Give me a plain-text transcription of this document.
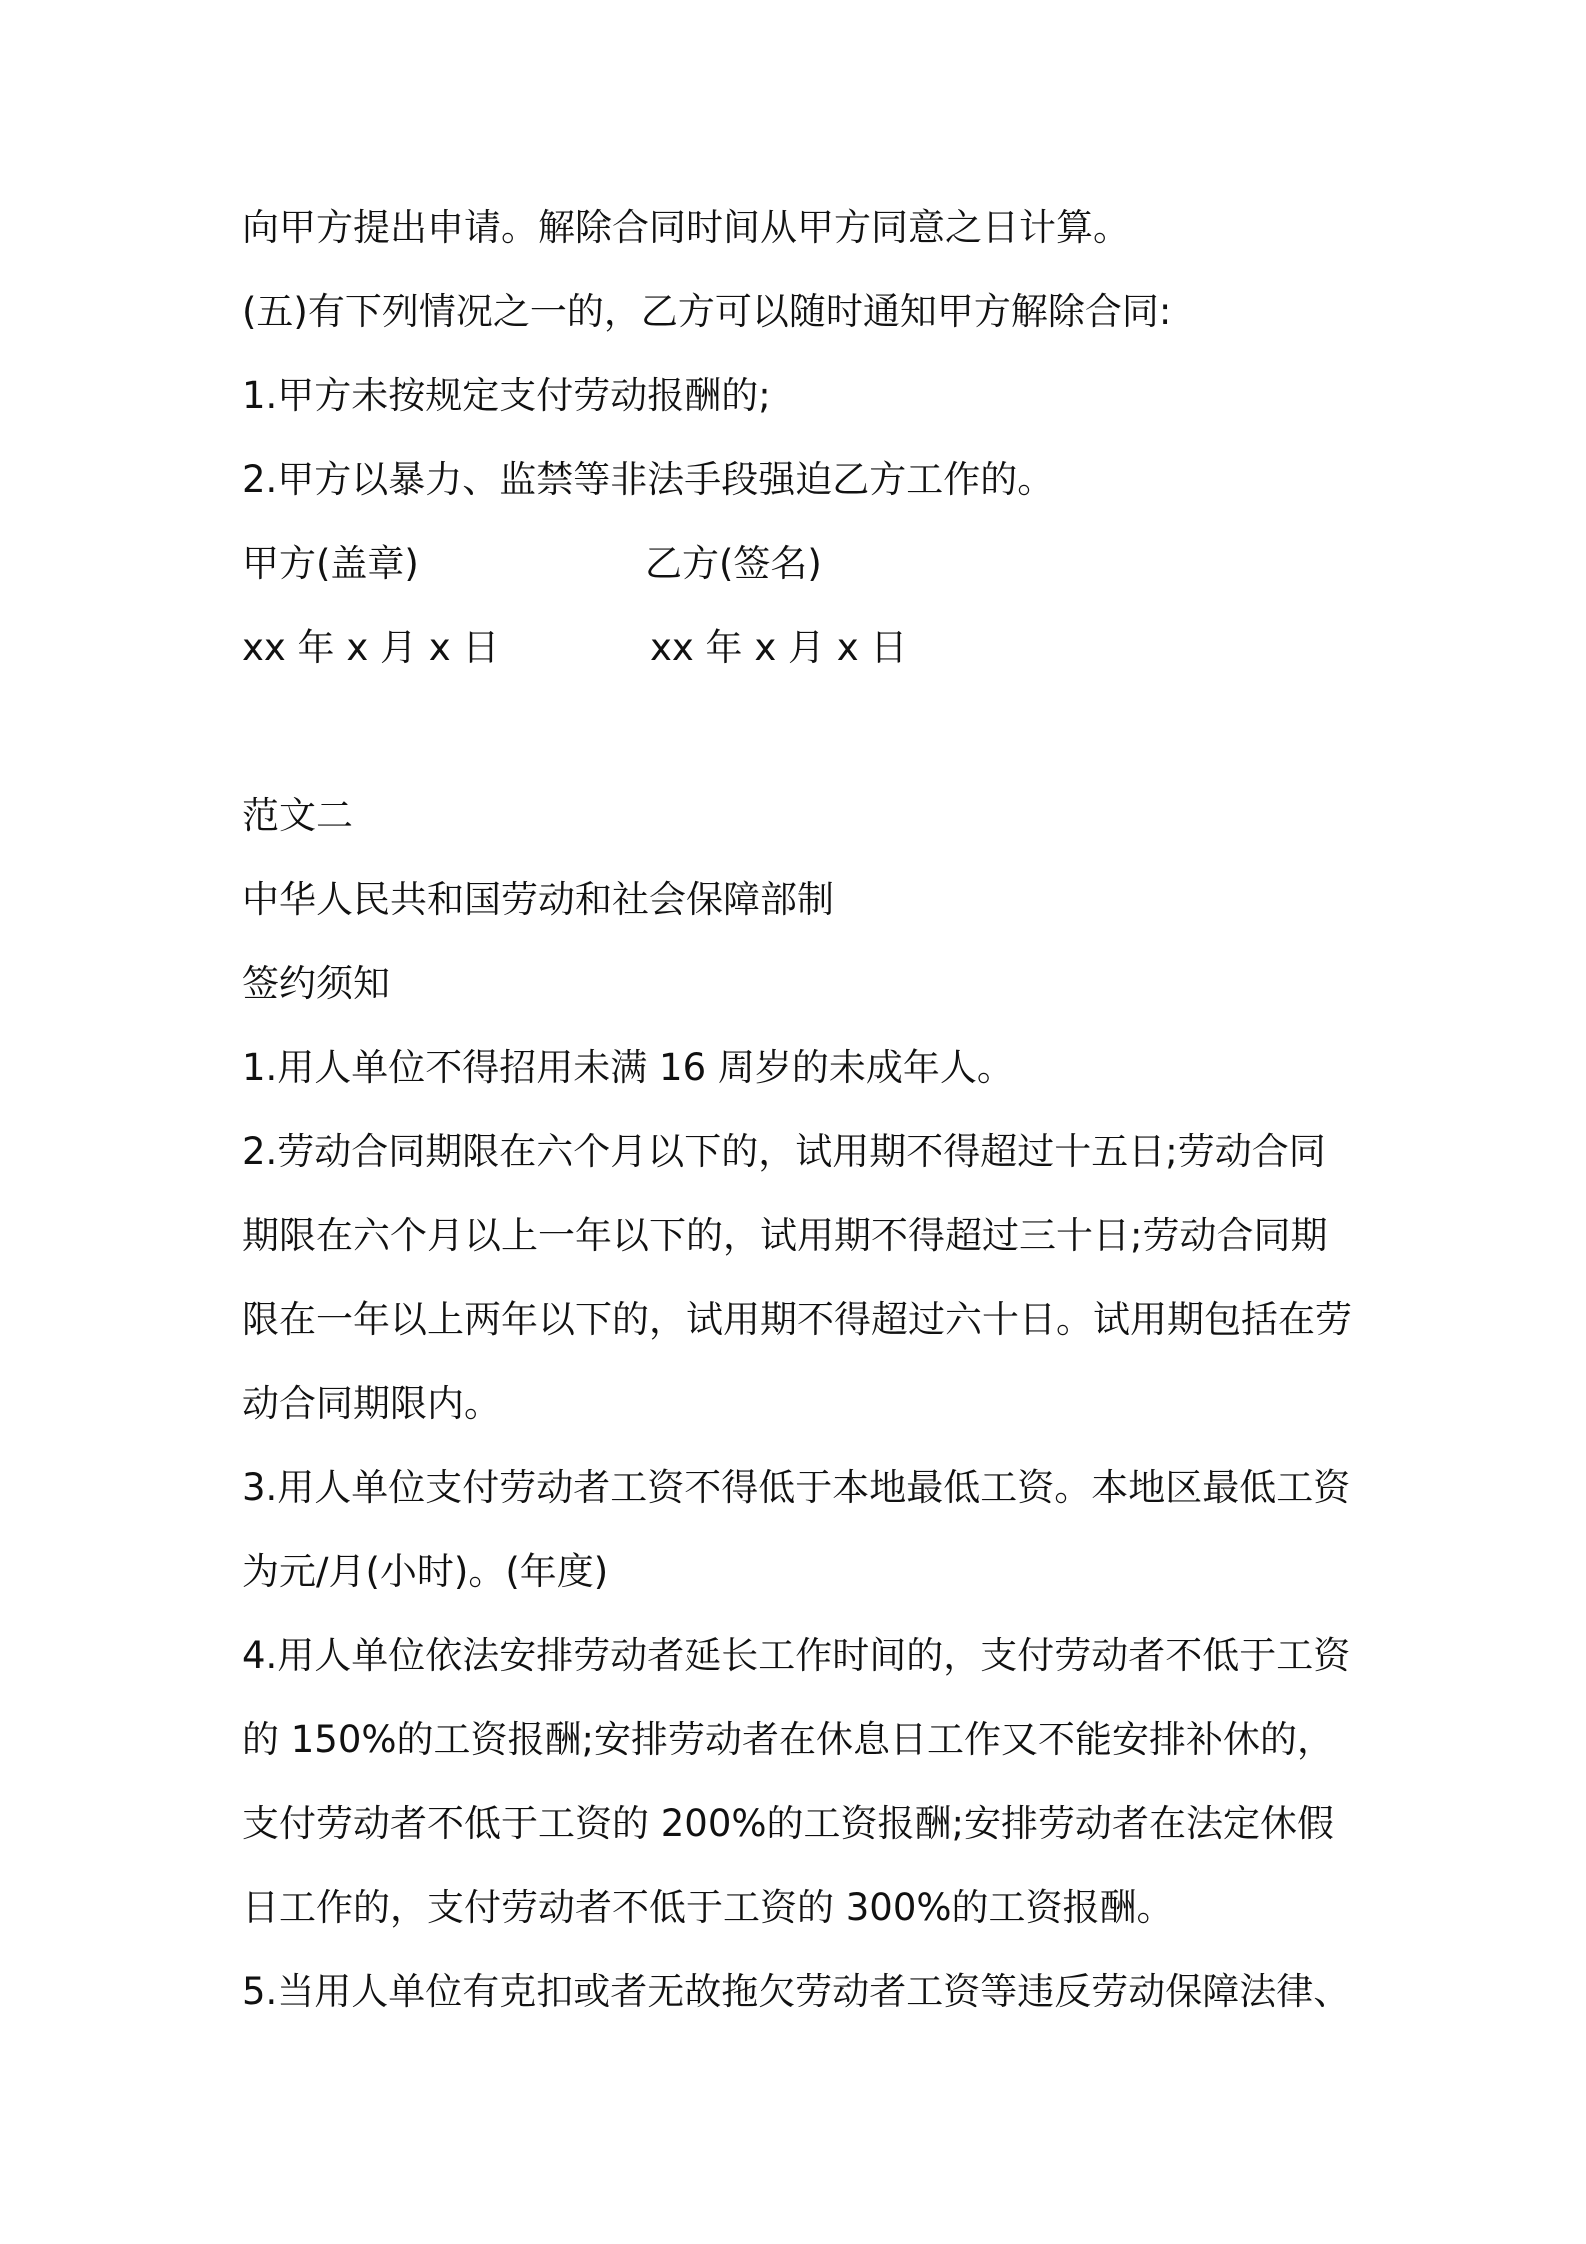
向甲方提出申请。解除合同时间从甲方同意之日计算。
(五)有下列情况之一的，乙方可以随时通知甲方解除合同:
1.甲方未按规定支付劳动报酬的;
2.甲方以暴力、监禁等非法手段强迫乙方工作的。
甲方(盖章)	乙方(签名)
xx 年 x 月 x 日	xx 年 x 月 x 日
范文二
中华人民共和国劳动和社会保障部制
签约须知
1.用人单位不得招用未满 16 周岁的未成年人。
2.劳动合同期限在六个月以下的，试用期不得超过十五日;劳动合同
期限在六个月以上一年以下的，试用期不得超过三十日;劳动合同期
限在一年以上两年以下的，试用期不得超过六十日。试用期包括在劳
动合同期限内。
3.用人单位支付劳动者工资不得低于本地最低工资。本地区最低工资
为元/月(小时)。(年度)
4.用人单位依法安排劳动者延长工作时间的，支付劳动者不低于工资
的 150%的工资报酬;安排劳动者在休息日工作又不能安排补休的，
支付劳动者不低于工资的 200%的工资报酬;安排劳动者在法定休假
日工作的，支付劳动者不低于工资的 300%的工资报酬。
5.当用人单位有克扣或者无故拖欠劳动者工资等违反劳动保障法律、
